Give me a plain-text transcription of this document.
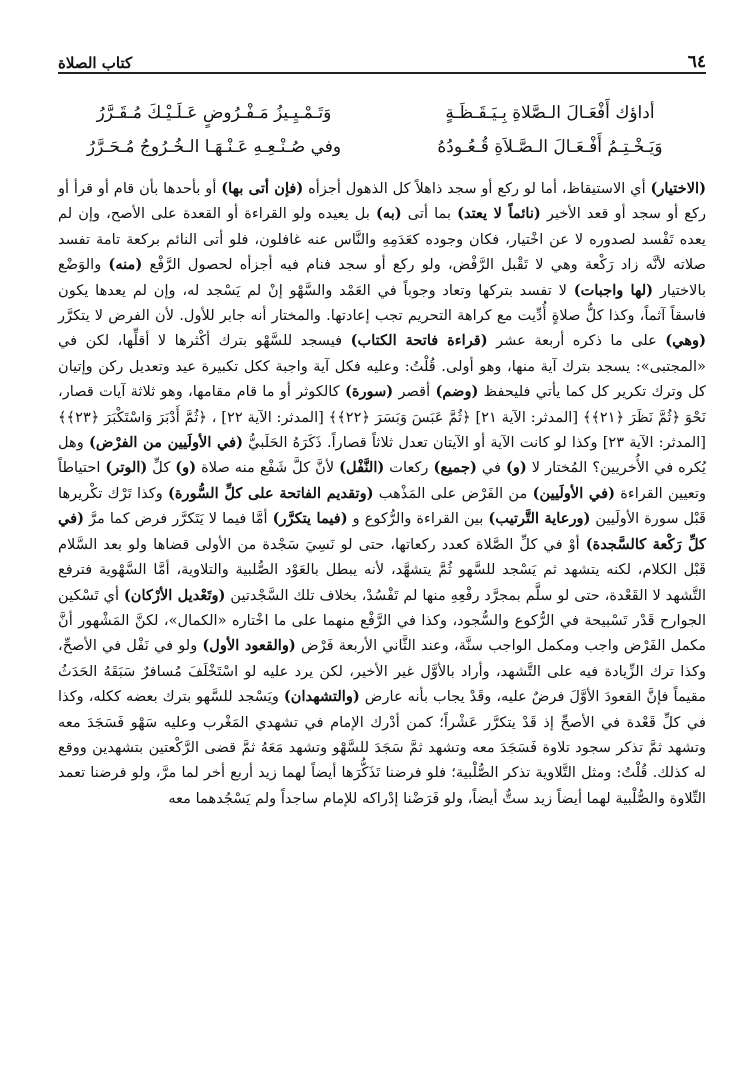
٦٤
كتاب الصلاة
أداؤك أَفْعَـالَ الـصَّلاةِ بِـيَـقَـظَـةٍ
وَتَـمْـيِـيزُ مَـفْـرُوضٍ عَـلَـيْـكَ مُـقَـرَّرُ
وَيَـخْـتِـمُ أَفْـعَـالَ الـصَّـلاَةِ قُـعُـودُهُ
وفي صُـنْـعِـهِ عَـنْـهَـا الـخُـرُوجُ مُـحَـرَّرُ

(الاختيار) أي الاستيقاظ، أما لو ركع أو سجد ذاهلاً كل الذهول أجزأه (فإن أتى بها) أو بأحدها بأن قام أو قرأ أو ركع أو سجد أو قعد الأخير (نائماً لا يعتد) بما أتى (به) بل يعيده ولو القراءة أو القعدة على الأصح، وإن لم يعده تَفْسد لصدوره لا عن اخْتيار، فكان وجوده كعَدَمِهِ والنَّاس عنه غافلون، فلو أتى النائم بركعة تامة تفسد صلاته لأنَّه زاد رَكْعة وهي لا تَقْبل الرَّفْض، ولو ركع أو سجد فنام فيه أجزأه لحصول الرَّفْع (منه) والوَضْع بالاختيار (لها واجبات) لا تفسد بتركها وتعاد وجوباً في العَمْد والسَّهْو إنْ لم يَسْجد له، وإن لم يعدها يكون فاسقاً آثماً، وكذا كلُّ صلاةٍ أُدِّيت مع كراهة التحريم تجب إعادتها. والمختار أنه جابر للأول. لأن الفرض لا يتكرَّر (وهي) على ما ذكره أربعة عشر (قراءة فاتحة الكتاب) فيسجد للسَّهْو بترك أكْثرها لا أقلِّها، لكن في «المجتبى»: يسجد بترك آية منها، وهو أولى. قُلْتُ: وعليه فكل آية واجبة ككل تكبيرة عيد وتعديل ركن وإتيان كل وترك تكرير كل كما يأتي فليحفظ (وضم) أقصر (سورة) كالكوثر أو ما قام مقامها، وهو ثلاثة آيات قصار، نَحْوَ ﴿ثُمَّ نَظَرَ ﴿٢١﴾﴾ [المدثر: الآية ٢١] ﴿ثُمَّ عَبَسَ وَبَسَرَ ﴿٢٢﴾﴾ [المدثر: الآية ٢٢] ، ﴿ثُمَّ أَدْبَرَ وَاسْتَكْبَرَ ﴿٢٣﴾﴾ [المدثر: الآية ٢٣] وكذا لو كانت الآية أو الآيتان تعدل ثلاثاً قصاراً. ذَكَرَهُ الحَلَبيُّ (في الأولَيين من الفرْض) وهل يُكره في الأُخريين؟ المُختار لا (و) في (جميع) ركعات (النَّفْل) لأنَّ كلَّ شَفْع منه صلاة (و) كلِّ (الوتر) احتياطاً وتعيين القراءة (في الأولَيين) من الفَرْض على المَذْهب (وتقديم الفاتحة على كلِّ السُّورة) وكذا تَرْك تكْريرها قَبْل سورة الأولَيين (ورعاية التَّرتيب) بين القراءة والرُّكوع و (فيما يتكرَّر) أمَّا فيما لا يَتَكرَّر فرض كما مرَّ (في كلِّ رَكْعة كالسَّجدة) أوْ في كلِّ الصَّلاة كعدد ركعاتها، حتى لو نَسِيَ سَجْدة من الأولى قضاها ولو بعد السَّلام قَبْل الكلام، لكنه يتشهد ثم يَسْجد للسَّهو ثُمَّ يتشهَّد، لأنه يبطل بالعَوْد الصُّلبية والتلاوية، أمَّا السَّهْوية فترفع التَّشهد لا القَعْدة، حتى لو سلَّم بمجرَّد رفْعِهِ منها لم تَفْسُدْ، بخلاف تلك السَّجْدتين (وتَعْديل الأرْكان) أي تَسْكين الجوارح قَدْر تَسْبيحة في الرُّكوع والسُّجود، وكذا في الرَّفْع منهما على ما اخْتاره «الكمال»، لكنَّ المَشْهور أنَّ مكمل الفَرْض واجب ومكمل الواجب سنَّة، وعند الثَّاني الأربعة فَرْض (والقعود الأول) ولو في نَفْل في الأصحِّ، وكذا ترك الزِّيادة فيه على التَّشهد، وأراد بالأوَّل غير الأخير، لكن يرد عليه لو اسْتَخْلَفَ مُسافرٌ سَبَقَهُ الحَدَثُ مقيماً فإنَّ القعودَ الأوَّلَ فرضٌ عليه، وقَدْ يجاب بأنه عارض (والتشهدان) ويَسْجد للسَّهو بترك بعضه ككله، وكذا في كلِّ قَعْدة في الأصحِّ إذ قَدْ يتكرَّر عَشْراً؛ كمن أدْرك الإمام في تشهدي المَغْرب وعليه سَهْو فَسَجَدَ معه وتشهد ثمَّ تذكر سجود تلاوة فَسَجَدَ معه وتشهد ثمَّ سَجَدَ للسَّهْو وتشهد مَعَهُ ثمَّ قضى الرَّكْعتين بتشهدين ووقع له كذلك. قُلْتُ: ومثل التَّلاوية تذكر الصُّلْبية؛ فلو فرضنا تَذَكُّرَها أيضاً لهما زيد أربع أخر لما مرَّ، ولو فرضنا تعمد التِّلاوة والصُّلْبية لهما أيضاً زيد ستٌّ أيضاً، ولو فَرَضْنا إدْراكه للإمام ساجداً ولم يَسْجُدهما معه
